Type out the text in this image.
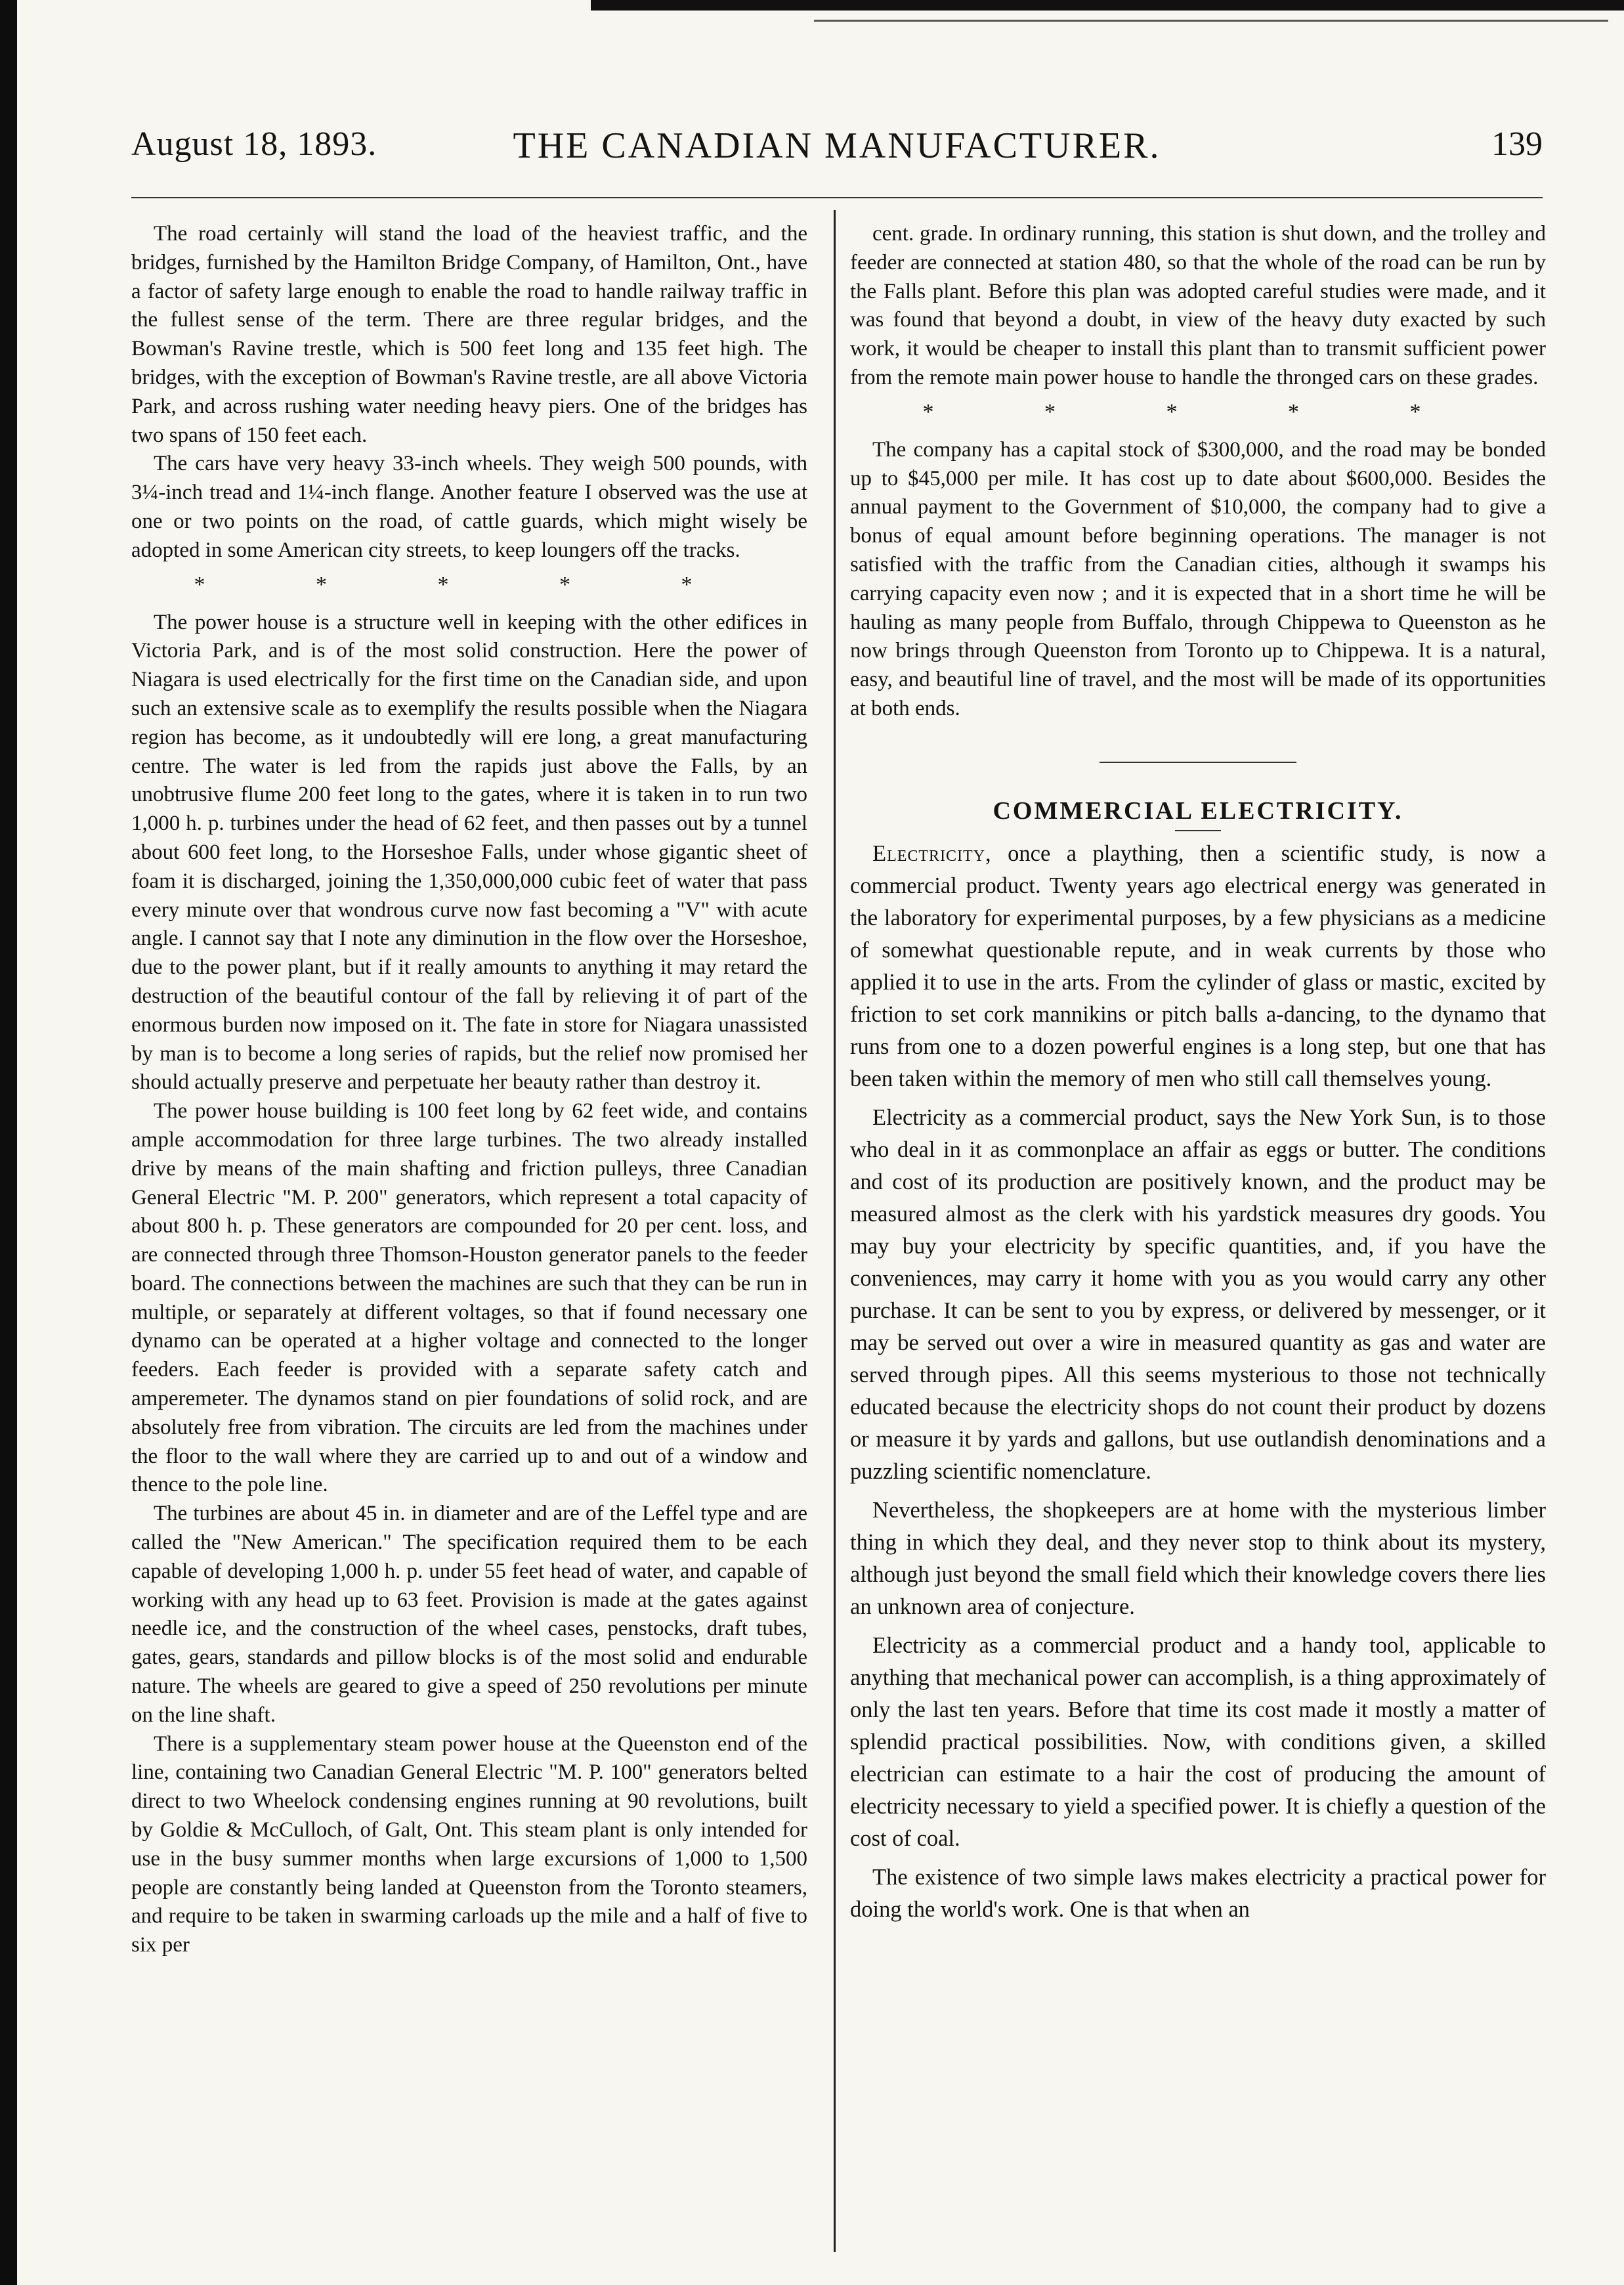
August 18, 1893.	THE CANADIAN MANUFACTURER.	139

The road certainly will stand the load of the heaviest traffic, and the bridges, furnished by the Hamilton Bridge Company, of Hamilton, Ont., have a factor of safety large enough to enable the road to handle railway traffic in the fullest sense of the term. There are three regular bridges, and the Bowman's Ravine trestle, which is 500 feet long and 135 feet high. The bridges, with the exception of Bowman's Ravine trestle, are all above Victoria Park, and across rushing water needing heavy piers. One of the bridges has two spans of 150 feet each.

The cars have very heavy 33-inch wheels. They weigh 500 pounds, with 3¼-inch tread and 1¼-inch flange. Another feature I observed was the use at one or two points on the road, of cattle guards, which might wisely be adopted in some American city streets, to keep loungers off the tracks.

* * * * *

The power house is a structure well in keeping with the other edifices in Victoria Park, and is of the most solid construction. Here the power of Niagara is used electrically for the first time on the Canadian side, and upon such an extensive scale as to exemplify the results possible when the Niagara region has become, as it undoubtedly will ere long, a great manufacturing centre. The water is led from the rapids just above the Falls, by an unobtrusive flume 200 feet long to the gates, where it is taken in to run two 1,000 h. p. turbines under the head of 62 feet, and then passes out by a tunnel about 600 feet long, to the Horseshoe Falls, under whose gigantic sheet of foam it is discharged, joining the 1,350,000,000 cubic feet of water that pass every minute over that wondrous curve now fast becoming a "V" with acute angle. I cannot say that I note any diminution in the flow over the Horseshoe, due to the power plant, but if it really amounts to anything it may retard the destruction of the beautiful contour of the fall by relieving it of part of the enormous burden now imposed on it. The fate in store for Niagara unassisted by man is to become a long series of rapids, but the relief now promised her should actually preserve and perpetuate her beauty rather than destroy it.

The power house building is 100 feet long by 62 feet wide, and contains ample accommodation for three large turbines. The two already installed drive by means of the main shafting and friction pulleys, three Canadian General Electric "M. P. 200" generators, which represent a total capacity of about 800 h. p. These generators are compounded for 20 per cent. loss, and are connected through three Thomson-Houston generator panels to the feeder board. The connections between the machines are such that they can be run in multiple, or separately at different voltages, so that if found necessary one dynamo can be operated at a higher voltage and connected to the longer feeders. Each feeder is provided with a separate safety catch and amperemeter. The dynamos stand on pier foundations of solid rock, and are absolutely free from vibration. The circuits are led from the machines under the floor to the wall where they are carried up to and out of a window and thence to the pole line.

The turbines are about 45 in. in diameter and are of the Leffel type and are called the "New American." The specification required them to be each capable of developing 1,000 h. p. under 55 feet head of water, and capable of working with any head up to 63 feet. Provision is made at the gates against needle ice, and the construction of the wheel cases, penstocks, draft tubes, gates, gears, standards and pillow blocks is of the most solid and endurable nature. The wheels are geared to give a speed of 250 revolutions per minute on the line shaft.

There is a supplementary steam power house at the Queenston end of the line, containing two Canadian General Electric "M. P. 100" generators belted direct to two Wheelock condensing engines running at 90 revolutions, built by Goldie & McCulloch, of Galt, Ont. This steam plant is only intended for use in the busy summer months when large excursions of 1,000 to 1,500 people are constantly being landed at Queenston from the Toronto steamers, and require to be taken in swarming carloads up the mile and a half of five to six per

cent. grade. In ordinary running, this station is shut down, and the trolley and feeder are connected at station 480, so that the whole of the road can be run by the Falls plant. Before this plan was adopted careful studies were made, and it was found that beyond a doubt, in view of the heavy duty exacted by such work, it would be cheaper to install this plant than to transmit sufficient power from the remote main power house to handle the thronged cars on these grades.

* * * * *

The company has a capital stock of $300,000, and the road may be bonded up to $45,000 per mile. It has cost up to date about $600,000. Besides the annual payment to the Government of $10,000, the company had to give a bonus of equal amount before beginning operations. The manager is not satisfied with the traffic from the Canadian cities, although it swamps his carrying capacity even now ; and it is expected that in a short time he will be hauling as many people from Buffalo, through Chippewa to Queenston as he now brings through Queenston from Toronto up to Chippewa. It is a natural, easy, and beautiful line of travel, and the most will be made of its opportunities at both ends.

COMMERCIAL ELECTRICITY.

Electricity, once a plaything, then a scientific study, is now a commercial product. Twenty years ago electrical energy was generated in the laboratory for experimental purposes, by a few physicians as a medicine of somewhat questionable repute, and in weak currents by those who applied it to use in the arts. From the cylinder of glass or mastic, excited by friction to set cork mannikins or pitch balls a-dancing, to the dynamo that runs from one to a dozen powerful engines is a long step, but one that has been taken within the memory of men who still call themselves young.

Electricity as a commercial product, says the New York Sun, is to those who deal in it as commonplace an affair as eggs or butter. The conditions and cost of its production are positively known, and the product may be measured almost as the clerk with his yardstick measures dry goods. You may buy your electricity by specific quantities, and, if you have the conveniences, may carry it home with you as you would carry any other purchase. It can be sent to you by express, or delivered by messenger, or it may be served out over a wire in measured quantity as gas and water are served through pipes. All this seems mysterious to those not technically educated because the electricity shops do not count their product by dozens or measure it by yards and gallons, but use outlandish denominations and a puzzling scientific nomenclature.

Nevertheless, the shopkeepers are at home with the mysterious limber thing in which they deal, and they never stop to think about its mystery, although just beyond the small field which their knowledge covers there lies an unknown area of conjecture.

Electricity as a commercial product and a handy tool, applicable to anything that mechanical power can accomplish, is a thing approximately of only the last ten years. Before that time its cost made it mostly a matter of splendid practical possibilities. Now, with conditions given, a skilled electrician can estimate to a hair the cost of producing the amount of electricity necessary to yield a specified power. It is chiefly a question of the cost of coal.

The existence of two simple laws makes electricity a practical power for doing the world's work. One is that when an
